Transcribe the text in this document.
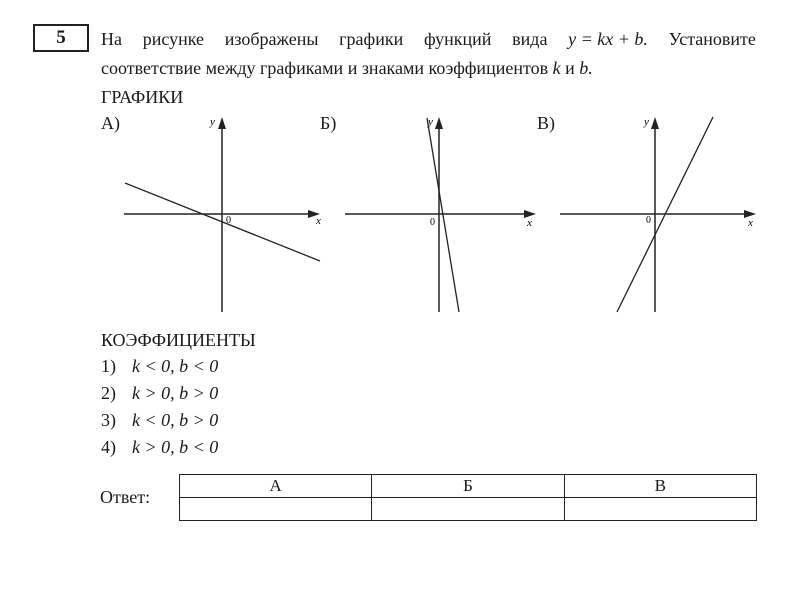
5	На рисунке изображены графики функций вида y = kx + b. Установите
соответствие между графиками и знаками коэффициентов k и b.
ГРАФИКИ
А)	Б)	В)
y
x
0
y
x
0
y
x
0
КОЭФФИЦИЕНТЫ
1) k < 0, b < 0
2) k > 0, b > 0
3) k < 0, b > 0
4) k > 0, b < 0
Ответ:
А	Б	В
